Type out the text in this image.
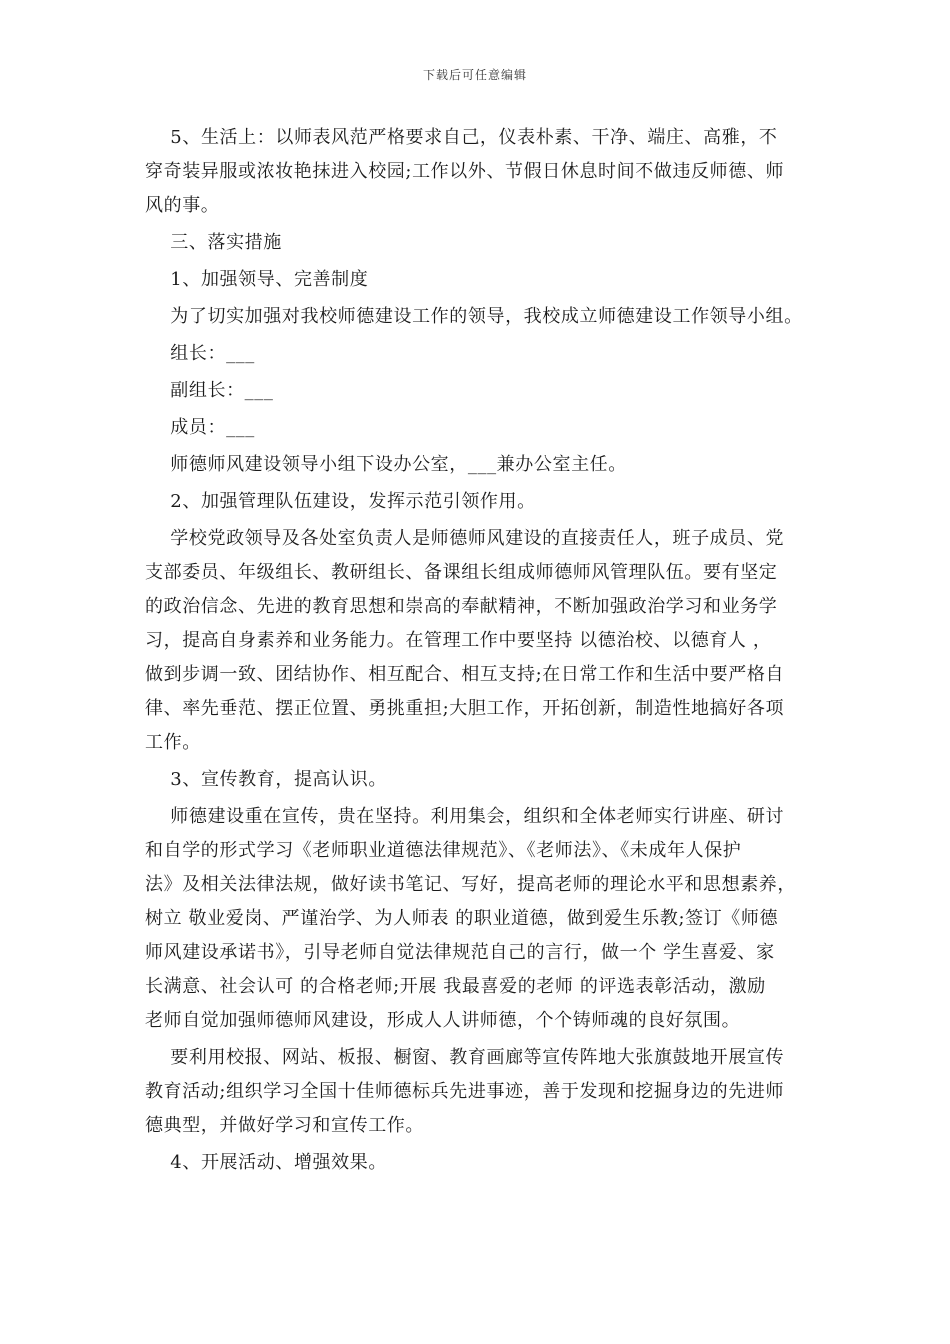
下载后可任意编辑
5、生活上：以师表风范严格要求自己，仪表朴素、干净、端庄、高雅，不
穿奇装异服或浓妆艳抹进入校园;工作以外、节假日休息时间不做违反师德、师
风的事。
三、落实措施
1、加强领导、完善制度
为了切实加强对我校师德建设工作的领导，我校成立师德建设工作领导小组。
组长：___
副组长：___
成员：___
师德师风建设领导小组下设办公室，___兼办公室主任。
2、加强管理队伍建设，发挥示范引领作用。
学校党政领导及各处室负责人是师德师风建设的直接责任人，班子成员、党
支部委员、年级组长、教研组长、备课组长组成师德师风管理队伍。要有坚定
的政治信念、先进的教育思想和崇高的奉献精神，不断加强政治学习和业务学
习，提高自身素养和业务能力。在管理工作中要坚持 以德治校、以德育人 ，
做到步调一致、团结协作、相互配合、相互支持;在日常工作和生活中要严格自
律、率先垂范、摆正位置、勇挑重担;大胆工作，开拓创新，制造性地搞好各项
工作。
3、宣传教育，提高认识。
师德建设重在宣传，贵在坚持。利用集会，组织和全体老师实行讲座、研讨
和自学的形式学习《老师职业道德法律规范》、《老师法》、《未成年人保护
法》及相关法律法规，做好读书笔记、写好，提高老师的理论水平和思想素养，
树立 敬业爱岗、严谨治学、为人师表 的职业道德，做到爱生乐教;签订《师德
师风建设承诺书》，引导老师自觉法律规范自己的言行，做一个 学生喜爱、家
长满意、社会认可 的合格老师;开展 我最喜爱的老师 的评选表彰活动，激励
老师自觉加强师德师风建设，形成人人讲师德，个个铸师魂的良好氛围。
要利用校报、网站、板报、橱窗、教育画廊等宣传阵地大张旗鼓地开展宣传
教育活动;组织学习全国十佳师德标兵先进事迹，善于发现和挖掘身边的先进师
德典型，并做好学习和宣传工作。
4、开展活动、增强效果。
